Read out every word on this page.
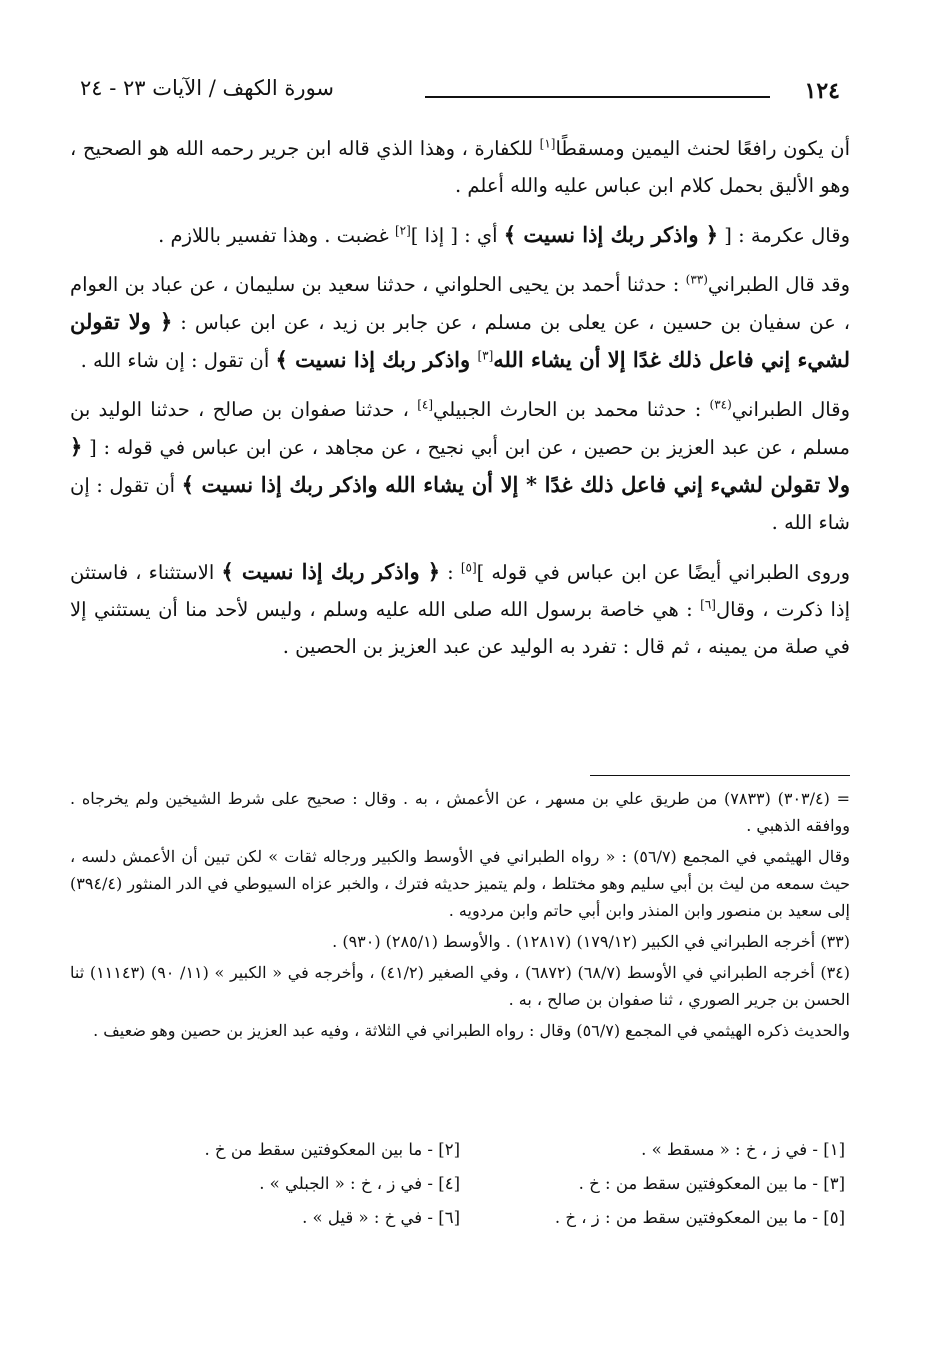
١٢٤
سورة الكهف / الآيات ٢٣ - ٢٤

أن يكون رافعًا لحنث اليمين ومسقطًا[١] للكفارة ، وهذا الذي قاله ابن جرير رحمه الله هو الصحيح ، وهو الأليق بحمل كلام ابن عباس عليه والله أعلم .

وقال عكرمة : [ ﴿ واذكر ربك إذا نسيت ﴾ أي : [ إذا ][٢] غضبت . وهذا تفسير باللازم .

وقد قال الطبراني$^{(٣٣)}$ : حدثنا أحمد بن يحيى الحلواني ، حدثنا سعيد بن سليمان ، عن عباد بن العوام ، عن سفيان بن حسين ، عن يعلى بن مسلم ، عن جابر بن زيد ، عن ابن عباس : ﴿ ولا تقولن لشيء إني فاعل ذلك غدًا إلا أن يشاء الله[٣] واذكر ربك إذا نسيت ﴾ أن تقول : إن شاء الله .

وقال الطبراني$^{(٣٤)}$ : حدثنا محمد بن الحارث الجبيلي[٤] ، حدثنا صفوان بن صالح ، حدثنا الوليد بن مسلم ، عن عبد العزيز بن حصين ، عن ابن أبي نجيح ، عن مجاهد ، عن ابن عباس في قوله : [ ﴿ ولا تقولن لشيء إني فاعل ذلك غدًا * إلا أن يشاء الله واذكر ربك إذا نسيت ﴾ أن تقول : إن شاء الله .

وروى الطبراني أيضًا عن ابن عباس في قوله ][٥] : ﴿ واذكر ربك إذا نسيت ﴾ الاستثناء ، فاستثن إذا ذكرت ، وقال[٦] : هي خاصة برسول الله صلى الله عليه وسلم ، وليس لأحد منا أن يستثني إلا في صلة من يمينه ، ثم قال : تفرد به الوليد عن عبد العزيز بن الحصين .

= (٣٠٣/٤) (٧٨٣٣) من طريق علي بن مسهر ، عن الأعمش ، به . وقال : صحيح على شرط الشيخين ولم يخرجاه . ووافقه الذهبي .

وقال الهيثمي في المجمع (٥٦/٧) : « رواه الطبراني في الأوسط والكبير ورجاله ثقات » لكن تبين أن الأعمش دلسه ، حيث سمعه من ليث بن أبي سليم وهو مختلط ، ولم يتميز حديثه فترك ، والخبر عزاه السيوطي في الدر المنثور (٣٩٤/٤) إلى سعيد بن منصور وابن المنذر وابن أبي حاتم وابن مردويه .

(٣٣) أخرجه الطبراني في الكبير (١٧٩/١٢) (١٢٨١٧) . والأوسط (٢٨٥/١) (٩٣٠) .

(٣٤) أخرجه الطبراني في الأوسط (٦٨/٧) (٦٨٧٢) ، وفي الصغير (٤١/٢) ، وأخرجه في « الكبير » (١١/ ٩٠) (١١١٤٣) ثنا الحسن بن جرير الصوري ، ثنا صفوان بن صالح ، به .

والحديث ذكره الهيثمي في المجمع (٥٦/٧) وقال : رواه الطبراني في الثلاثة ، وفيه عبد العزيز بن حصين وهو ضعيف .

[١] - في ز ، خ : « مسقط » .
[٢] - ما بين المعكوفتين سقط من خ .
[٣] - ما بين المعكوفتين سقط من : خ .
[٤] - في ز ، خ : « الجبلي » .
[٥] - ما بين المعكوفتين سقط من : ز ، خ .
[٦] - في خ : « قيل » .
